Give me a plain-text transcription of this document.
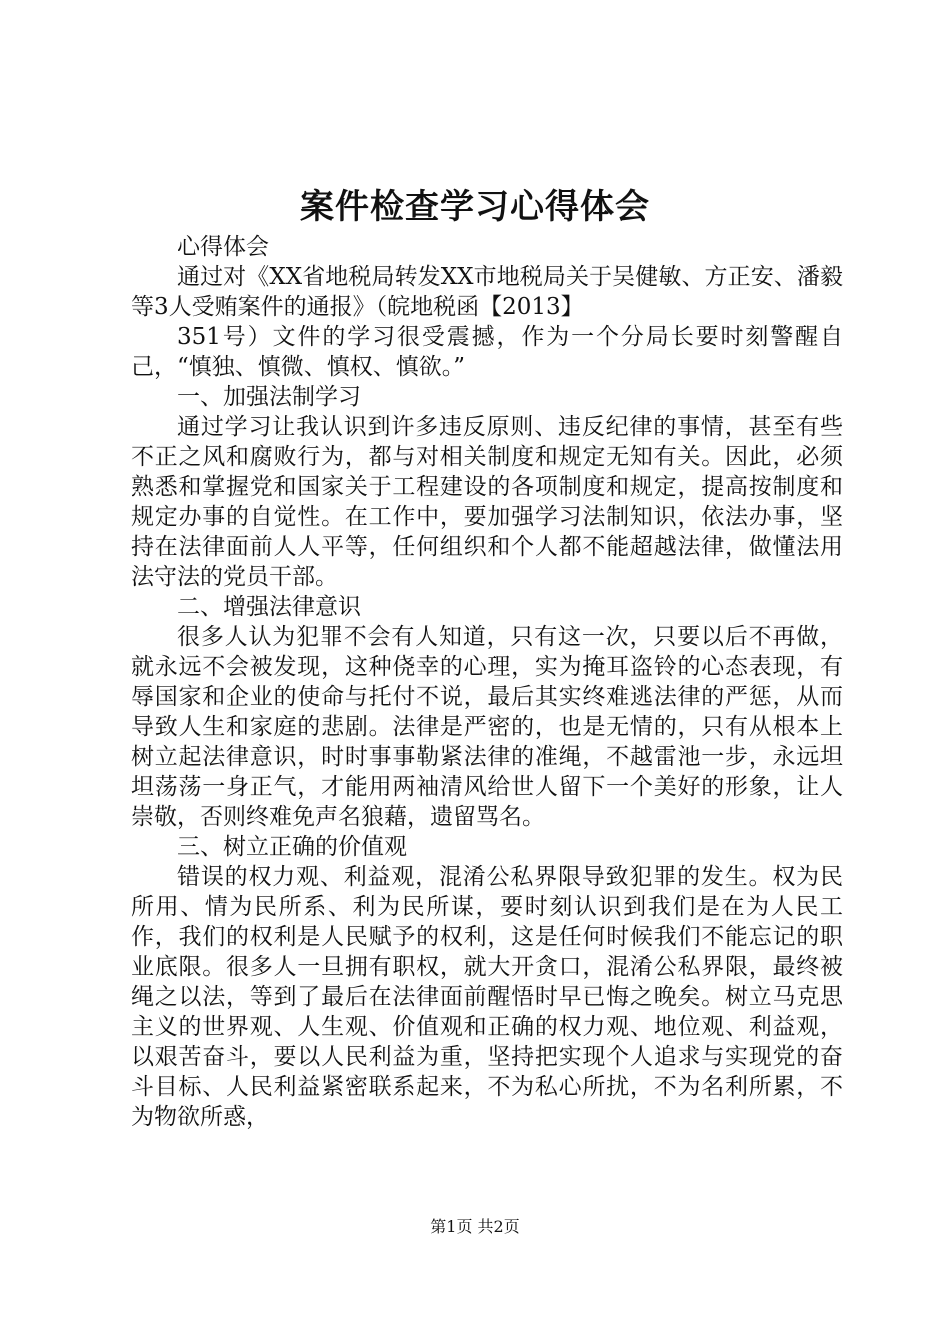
案件检查学习心得体会

心得体会

通过对《XX省地税局转发XX市地税局关于吴健敏、方正安、潘毅等3人受贿案件的通报》（皖地税函【2013】

351号）文件的学习很受震撼，作为一个分局长要时刻警醒自己，“慎独、慎微、慎权、慎欲。”

一、加强法制学习

通过学习让我认识到许多违反原则、违反纪律的事情，甚至有些不正之风和腐败行为，都与对相关制度和规定无知有关。因此，必须熟悉和掌握党和国家关于工程建设的各项制度和规定，提高按制度和规定办事的自觉性。在工作中，要加强学习法制知识，依法办事，坚持在法律面前人人平等，任何组织和个人都不能超越法律，做懂法用法守法的党员干部。

二、增强法律意识

很多人认为犯罪不会有人知道，只有这一次，只要以后不再做，就永远不会被发现，这种侥幸的心理，实为掩耳盗铃的心态表现，有辱国家和企业的使命与托付不说，最后其实终难逃法律的严惩，从而导致人生和家庭的悲剧。法律是严密的，也是无情的，只有从根本上树立起法律意识，时时事事勒紧法律的准绳，不越雷池一步，永远坦坦荡荡一身正气，才能用两袖清风给世人留下一个美好的形象，让人崇敬，否则终难免声名狼藉，遗留骂名。

三、树立正确的价值观

错误的权力观、利益观，混淆公私界限导致犯罪的发生。权为民所用、情为民所系、利为民所谋，要时刻认识到我们是在为人民工作，我们的权利是人民赋予的权利，这是任何时候我们不能忘记的职业底限。很多人一旦拥有职权，就大开贪口，混淆公私界限，最终被绳之以法，等到了最后在法律面前醒悟时早已悔之晚矣。树立马克思主义的世界观、人生观、价值观和正确的权力观、地位观、利益观，以艰苦奋斗，要以人民利益为重，坚持把实现个人追求与实现党的奋斗目标、人民利益紧密联系起来，不为私心所扰，不为名利所累，不为物欲所惑，

第1页 共2页
